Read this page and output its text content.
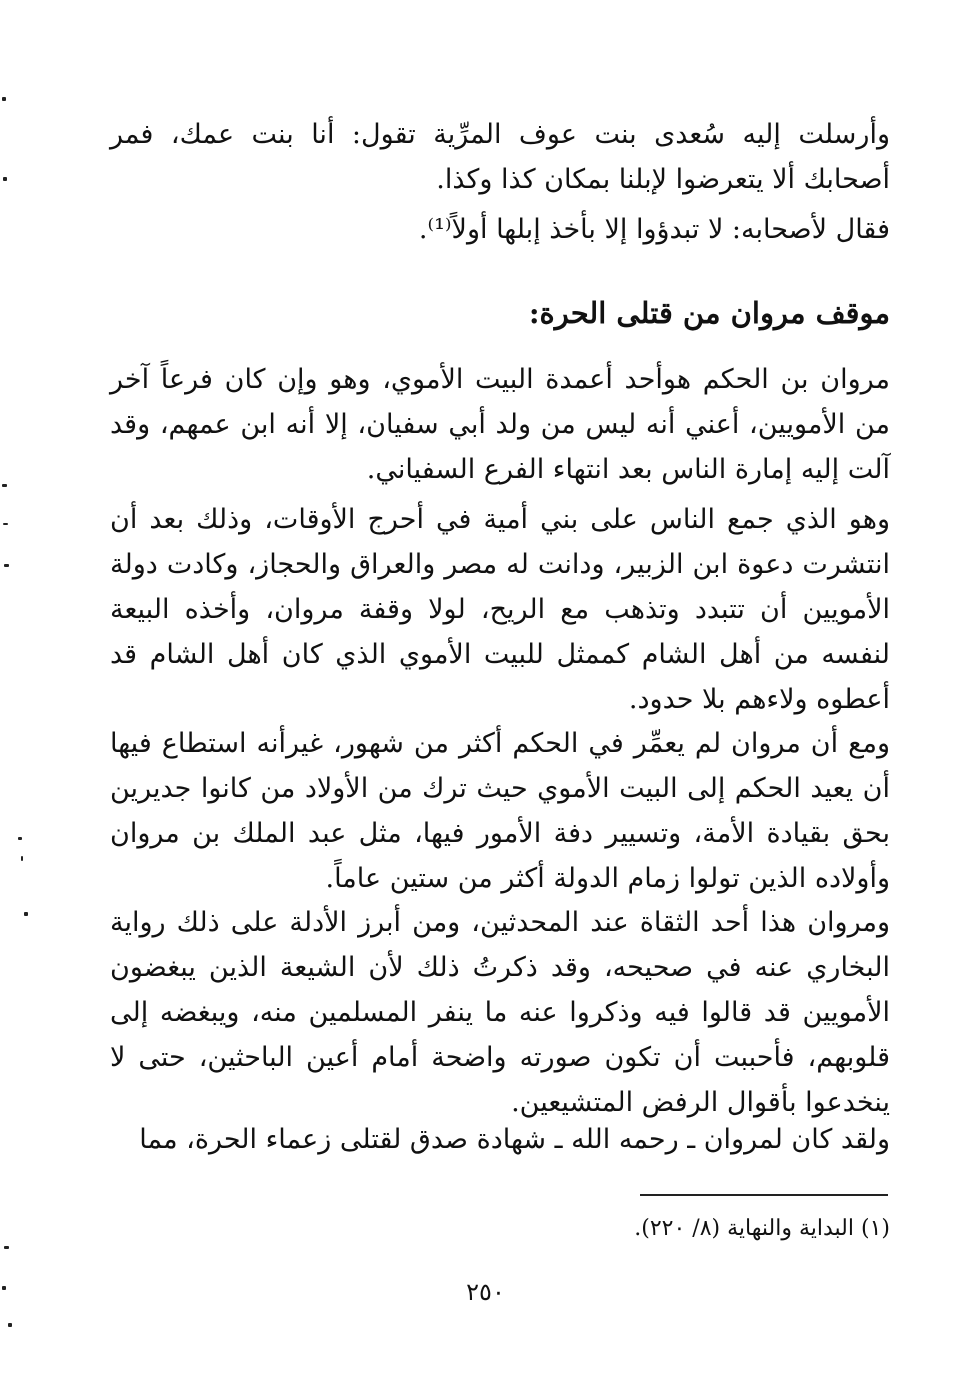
وأرسلت إليه سُعدى بنت عوف المرِّية تقول: أنا بنت عمك، فمر أصحابك ألا يتعرضوا لإبلنا بمكان كذا وكذا.
فقال لأصحابه: لا تبدؤوا إلا بأخذ إبلها أولاً⁽¹⁾.
موقف مروان من قتلى الحرة:
مروان بن الحكم هوأحد أعمدة البيت الأموي، وهو وإن كان فرعاً آخر من الأمويين، أعني أنه ليس من ولد أبي سفيان، إلا أنه ابن عمهم، وقد آلت إليه إمارة الناس بعد انتهاء الفرع السفياني.
وهو الذي جمع الناس على بني أمية في أحرج الأوقات، وذلك بعد أن انتشرت دعوة ابن الزبير، ودانت له مصر والعراق والحجاز، وكادت دولة الأمويين أن تتبدد وتذهب مع الريح، لولا وقفة مروان، وأخذه البيعة لنفسه من أهل الشام كممثل للبيت الأموي الذي كان أهل الشام قد أعطوه ولاءهم بلا حدود.
ومع أن مروان لم يعمِّر في الحكم أكثر من شهور، غيرأنه استطاع فيها أن يعيد الحكم إلى البيت الأموي حيث ترك من الأولاد من كانوا جديرين بحق بقيادة الأمة، وتسيير دفة الأمور فيها، مثل عبد الملك بن مروان وأولاده الذين تولوا زمام الدولة أكثر من ستين عاماً.
ومروان هذا أحد الثقاة عند المحدثين، ومن أبرز الأدلة على ذلك رواية البخاري عنه في صحيحه، وقد ذكرتُ ذلك لأن الشيعة الذين يبغضون الأمويين قد قالوا فيه وذكروا عنه ما ينفر المسلمين منه، ويبغضه إلى قلوبهم، فأحببت أن تكون صورته واضحة أمام أعين الباحثين، حتى لا ينخدعوا بأقوال الرفض المتشيعين.
ولقد كان لمروان ـ رحمه الله ـ شهادة صدق لقتلى زعماء الحرة، مما
(١) البداية والنهاية (٨/ ٢٢٠).
٢٥٠
